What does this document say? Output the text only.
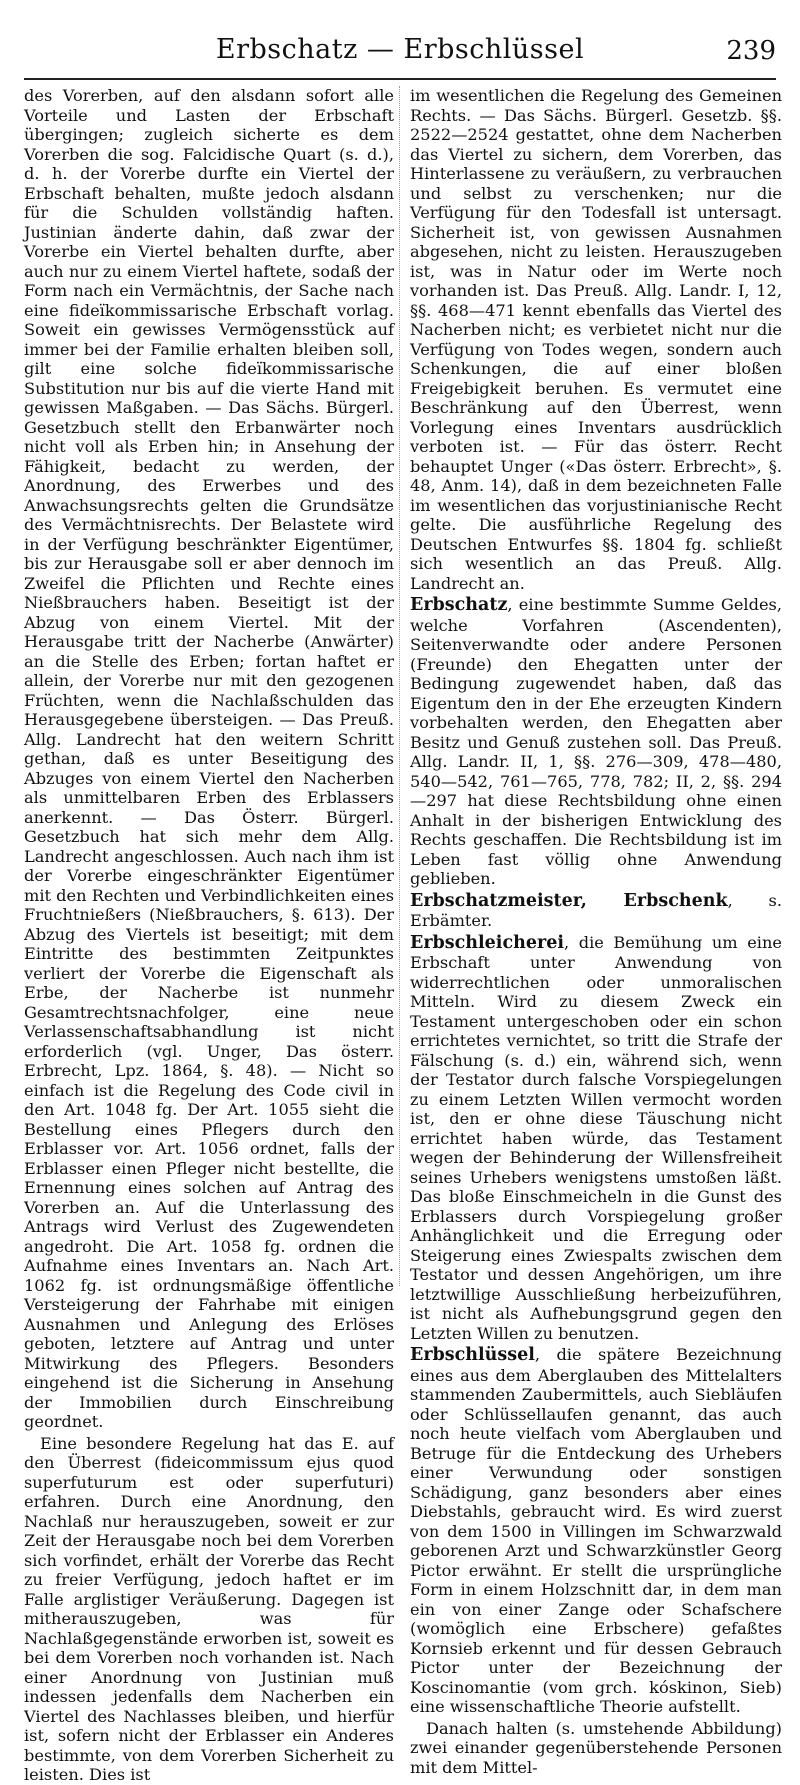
Erbschatz — Erbschlüssel	239

des Vorerben, auf den alsdann sofort alle Vorteile und Lasten der Erbschaft übergingen; zugleich sicherte es dem Vorerben die sog. Falcidische Quart (s. d.), d. h. der Vorerbe durfte ein Viertel der Erbschaft behalten, mußte jedoch alsdann für die Schulden vollständig haften. Justinian änderte dahin, daß zwar der Vorerbe ein Viertel behalten durfte, aber auch nur zu einem Viertel haftete, sodaß der Form nach ein Vermächtnis, der Sache nach eine fideïkommissarische Erbschaft vorlag. Soweit ein gewisses Vermögensstück auf immer bei der Familie erhalten bleiben soll, gilt eine solche fideïkommissarische Substitution nur bis auf die vierte Hand mit gewissen Maßgaben. — Das Sächs. Bürgerl. Gesetzbuch stellt den Erbanwärter noch nicht voll als Erben hin; in Ansehung der Fähigkeit, bedacht zu werden, der Anordnung, des Erwerbes und des Anwachsungsrechts gelten die Grundsätze des Vermächtnisrechts. Der Belastete wird in der Verfügung beschränkter Eigentümer, bis zur Herausgabe soll er aber dennoch im Zweifel die Pflichten und Rechte eines Nießbrauchers haben. Beseitigt ist der Abzug von einem Viertel. Mit der Herausgabe tritt der Nacherbe (Anwärter) an die Stelle des Erben; fortan haftet er allein, der Vorerbe nur mit den gezogenen Früchten, wenn die Nachlaßschulden das Herausgegebene übersteigen. — Das Preuß. Allg. Landrecht hat den weitern Schritt gethan, daß es unter Beseitigung des Abzuges von einem Viertel den Nacherben als unmittelbaren Erben des Erblassers anerkennt. — Das Österr. Bürgerl. Gesetzbuch hat sich mehr dem Allg. Landrecht angeschlossen. Auch nach ihm ist der Vorerbe eingeschränkter Eigentümer mit den Rechten und Verbindlichkeiten eines Fruchtnießers (Nießbrauchers, §. 613). Der Abzug des Viertels ist beseitigt; mit dem Eintritte des bestimmten Zeitpunktes verliert der Vorerbe die Eigenschaft als Erbe, der Nacherbe ist nunmehr Gesamtrechtsnachfolger, eine neue Verlassenschaftsabhandlung ist nicht erforderlich (vgl. Unger, Das österr. Erbrecht, Lpz. 1864, §. 48). — Nicht so einfach ist die Regelung des Code civil in den Art. 1048 fg. Der Art. 1055 sieht die Bestellung eines Pflegers durch den Erblasser vor. Art. 1056 ordnet, falls der Erblasser einen Pfleger nicht bestellte, die Ernennung eines solchen auf Antrag des Vorerben an. Auf die Unterlassung des Antrags wird Verlust des Zugewendeten angedroht. Die Art. 1058 fg. ordnen die Aufnahme eines Inventars an. Nach Art. 1062 fg. ist ordnungsmäßige öffentliche Versteigerung der Fahrhabe mit einigen Ausnahmen und Anlegung des Erlöses geboten, letztere auf Antrag und unter Mitwirkung des Pflegers. Besonders eingehend ist die Sicherung in Ansehung der Immobilien durch Einschreibung geordnet.

Eine besondere Regelung hat das E. auf den Überrest (fideicommissum ejus quod superfuturum est oder superfuturi) erfahren. Durch eine Anordnung, den Nachlaß nur herauszugeben, soweit er zur Zeit der Herausgabe noch bei dem Vorerben sich vorfindet, erhält der Vorerbe das Recht zu freier Verfügung, jedoch haftet er im Falle arglistiger Veräußerung. Dagegen ist mitherauszugeben, was für Nachlaßgegenstände erworben ist, soweit es bei dem Vorerben noch vorhanden ist. Nach einer Anordnung von Justinian muß indessen jedenfalls dem Nacherben ein Viertel des Nachlasses bleiben, und hierfür ist, sofern nicht der Erblasser ein Anderes bestimmte, von dem Vorerben Sicherheit zu leisten. Dies ist

im wesentlichen die Regelung des Gemeinen Rechts. — Das Sächs. Bürgerl. Gesetzb. §§. 2522—2524 gestattet, ohne dem Nacherben das Viertel zu sichern, dem Vorerben, das Hinterlassene zu veräußern, zu verbrauchen und selbst zu verschenken; nur die Verfügung für den Todesfall ist untersagt. Sicherheit ist, von gewissen Ausnahmen abgesehen, nicht zu leisten. Herauszugeben ist, was in Natur oder im Werte noch vorhanden ist. Das Preuß. Allg. Landr. I, 12, §§. 468—471 kennt ebenfalls das Viertel des Nacherben nicht; es verbietet nicht nur die Verfügung von Todes wegen, sondern auch Schenkungen, die auf einer bloßen Freigebigkeit beruhen. Es vermutet eine Beschränkung auf den Überrest, wenn Vorlegung eines Inventars ausdrücklich verboten ist. — Für das österr. Recht behauptet Unger («Das österr. Erbrecht», §. 48, Anm. 14), daß in dem bezeichneten Falle im wesentlichen das vorjustinianische Recht gelte. Die ausführliche Regelung des Deutschen Entwurfes §§. 1804 fg. schließt sich wesentlich an das Preuß. Allg. Landrecht an.

Erbschatz, eine bestimmte Summe Geldes, welche Vorfahren (Ascendenten), Seitenverwandte oder andere Personen (Freunde) den Ehegatten unter der Bedingung zugewendet haben, daß das Eigentum den in der Ehe erzeugten Kindern vorbehalten werden, den Ehegatten aber Besitz und Genuß zustehen soll. Das Preuß. Allg. Landr. II, 1, §§. 276—309, 478—480, 540—542, 761—765, 778, 782; II, 2, §§. 294—297 hat diese Rechtsbildung ohne einen Anhalt in der bisherigen Entwicklung des Rechts geschaffen. Die Rechtsbildung ist im Leben fast völlig ohne Anwendung geblieben.

Erbschatzmeister, Erbschenk, s. Erbämter.

Erbschleicherei, die Bemühung um eine Erbschaft unter Anwendung von widerrechtlichen oder unmoralischen Mitteln. Wird zu diesem Zweck ein Testament untergeschoben oder ein schon errichtetes vernichtet, so tritt die Strafe der Fälschung (s. d.) ein, während sich, wenn der Testator durch falsche Vorspiegelungen zu einem Letzten Willen vermocht worden ist, den er ohne diese Täuschung nicht errichtet haben würde, das Testament wegen der Behinderung der Willensfreiheit seines Urhebers wenigstens umstoßen läßt. Das bloße Einschmeicheln in die Gunst des Erblassers durch Vorspiegelung großer Anhänglichkeit und die Erregung oder Steigerung eines Zwiespalts zwischen dem Testator und dessen Angehörigen, um ihre letztwillige Ausschließung herbeizuführen, ist nicht als Aufhebungsgrund gegen den Letzten Willen zu benutzen.

Erbschlüssel, die spätere Bezeichnung eines aus dem Aberglauben des Mittelalters stammenden Zaubermittels, auch Siebläufen oder Schlüssellaufen genannt, das auch noch heute vielfach vom Aberglauben und Betruge für die Entdeckung des Urhebers einer Verwundung oder sonstigen Schädigung, ganz besonders aber eines Diebstahls, gebraucht wird. Es wird zuerst von dem 1500 in Villingen im Schwarzwald geborenen Arzt und Schwarzkünstler Georg Pictor erwähnt. Er stellt die ursprüngliche Form in einem Holzschnitt dar, in dem man ein von einer Zange oder Schafschere (womöglich eine Erbschere) gefaßtes Kornsieb erkennt und für dessen Gebrauch Pictor unter der Bezeichnung der Koscinomantie (vom grch. kóskinon, Sieb) eine wissenschaftliche Theorie aufstellt.

Danach halten (s. umstehende Abbildung) zwei einander gegenüberstehende Personen mit dem Mittel-
